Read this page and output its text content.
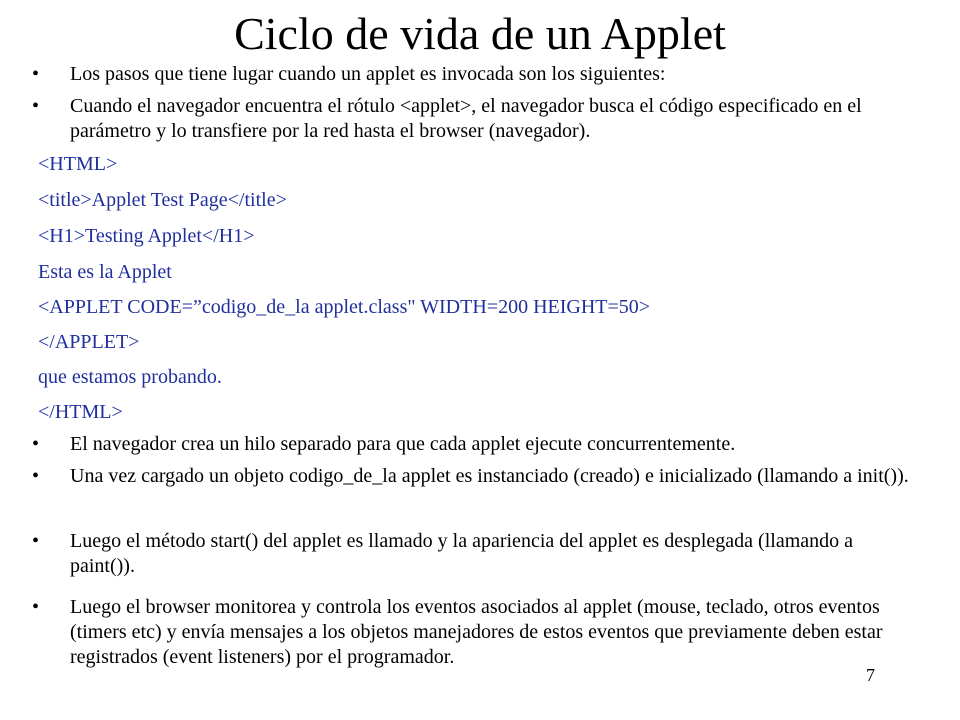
Ciclo de vida de un Applet
• Los pasos que tiene lugar cuando un applet es invocada son los siguientes:
• Cuando el navegador encuentra el rótulo <applet>, el navegador busca el código especificado en el parámetro y lo transfiere por la red hasta el browser (navegador).
<HTML>
<title>Applet Test Page</title>
<H1>Testing Applet</H1>
Esta es la Applet
<APPLET CODE=”codigo_de_la applet.class" WIDTH=200 HEIGHT=50>
</APPLET>
que estamos probando.
</HTML>
• El navegador crea un hilo separado para que cada applet ejecute concurrentemente.
• Una vez cargado un objeto codigo_de_la applet es instanciado (creado) e inicializado (llamando a init()).
• Luego el método start() del applet es llamado y la apariencia del applet es desplegada (llamando a paint()).
• Luego el browser monitorea y controla los eventos asociados al applet (mouse, teclado, otros eventos (timers etc) y envía mensajes a los objetos manejadores de estos eventos que previamente deben estar registrados (event listeners) por el programador.
7
